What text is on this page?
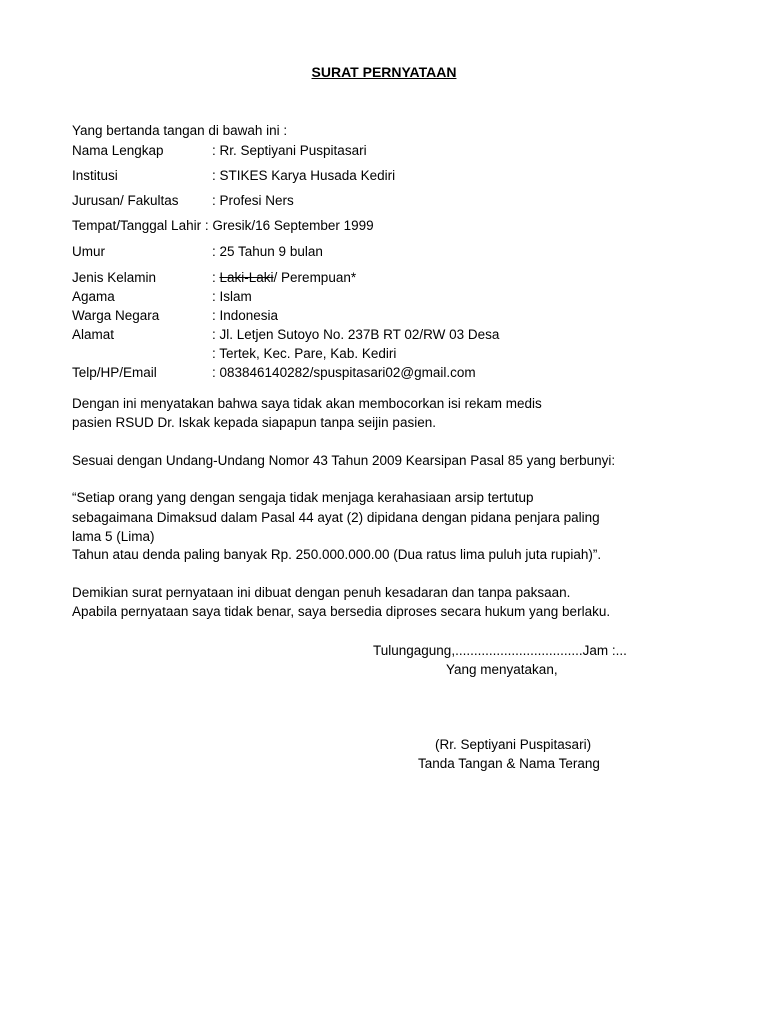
SURAT PERNYATAAN
Yang bertanda tangan di bawah ini :
Nama Lengkap	: Rr. Septiyani Puspitasari
Institusi	: STIKES Karya Husada Kediri
Jurusan/ Fakultas : Profesi Ners
Tempat/Tanggal Lahir : Gresik/16 September 1999
Umur	: 25 Tahun 9 bulan
Jenis Kelamin	: Laki-Laki/ Perempuan*
Agama	: Islam
Warga Negara	: Indonesia
Alamat	: Jl. Letjen Sutoyo No. 237B RT 02/RW 03 Desa
: Tertek, Kec. Pare, Kab. Kediri
Telp/HP/Email	: 083846140282/spuspitasari02@gmail.com
Dengan ini menyatakan bahwa saya tidak akan membocorkan isi rekam medis
pasien RSUD Dr. Iskak kepada siapapun tanpa seijin pasien.
Sesuai dengan Undang-Undang Nomor 43 Tahun 2009 Kearsipan Pasal 85 yang berbunyi:
“Setiap orang yang dengan sengaja tidak menjaga kerahasiaan arsip tertutup
sebagaimana Dimaksud dalam Pasal 44 ayat (2) dipidana dengan pidana penjara paling
lama 5 (Lima)
Tahun atau denda paling banyak Rp. 250.000.000.00 (Dua ratus lima puluh juta rupiah)”.
Demikian surat pernyataan ini dibuat dengan penuh kesadaran dan tanpa paksaan.
Apabila pernyataan saya tidak benar, saya bersedia diproses secara hukum yang berlaku.
Tulungagung,..................................Jam :...
Yang menyatakan,
(Rr. Septiyani Puspitasari)
Tanda Tangan & Nama Terang
